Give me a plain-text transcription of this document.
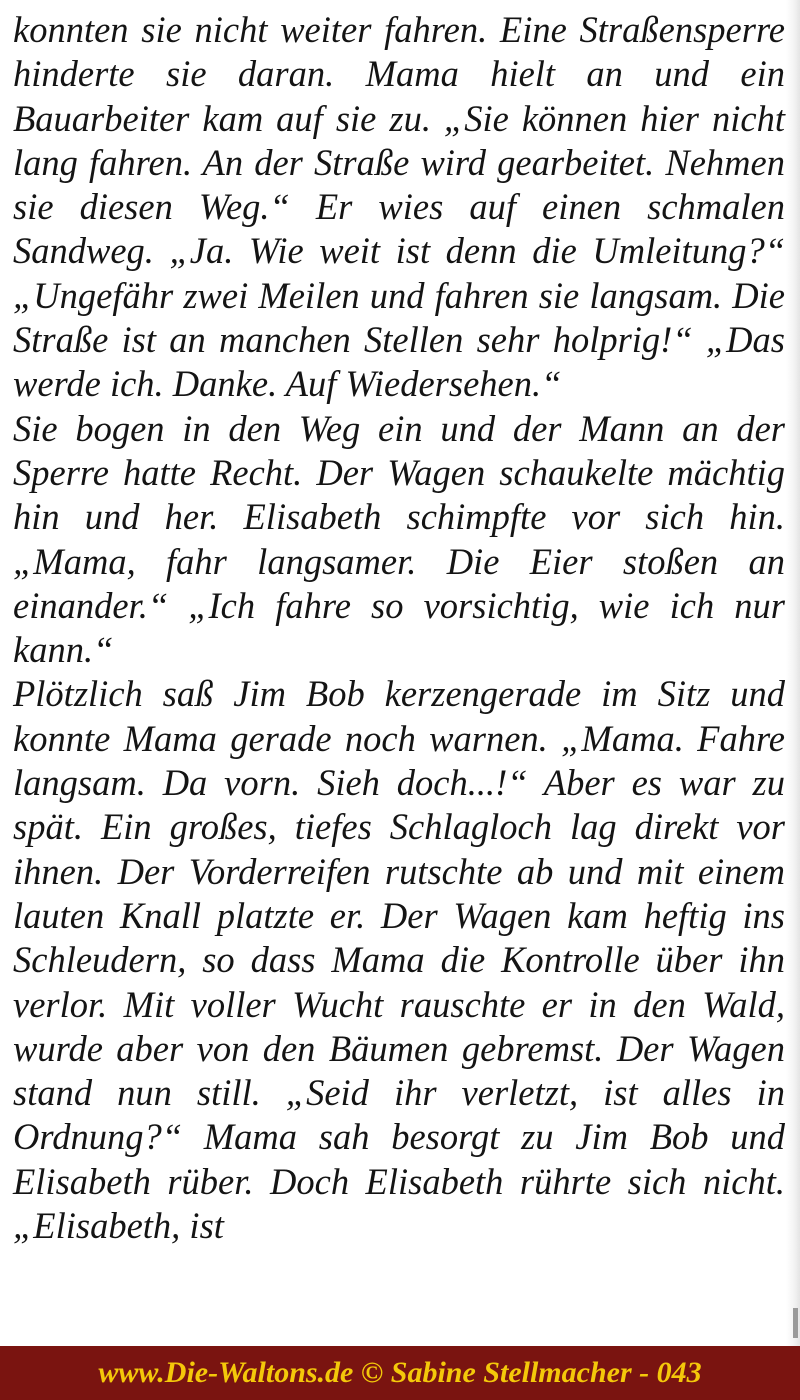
konnten sie nicht weiter fahren. Eine Straßensperre hinderte sie daran. Mama hielt an und ein Bauarbeiter kam auf sie zu. „Sie können hier nicht lang fahren. An der Straße wird gearbeitet. Nehmen sie diesen Weg.“ Er wies auf einen schmalen Sandweg. „Ja. Wie weit ist denn die Umleitung?“ „Ungefähr zwei Meilen und fahren sie langsam. Die Straße ist an manchen Stellen sehr holprig!“ „Das werde ich. Danke. Auf Wiedersehen.“

Sie bogen in den Weg ein und der Mann an der Sperre hatte Recht. Der Wagen schaukelte mächtig hin und her. Elisabeth schimpfte vor sich hin. „Mama, fahr langsamer. Die Eier stoßen an einander.“ „Ich fahre so vorsichtig, wie ich nur kann.“

Plötzlich saß Jim Bob kerzengerade im Sitz und konnte Mama gerade noch warnen. „Mama. Fahre langsam. Da vorn. Sieh doch...!“ Aber es war zu spät. Ein großes, tiefes Schlagloch lag direkt vor ihnen. Der Vorderreifen rutschte ab und mit einem lauten Knall platzte er. Der Wagen kam heftig ins Schleudern, so dass Mama die Kontrolle über ihn verlor. Mit voller Wucht rauschte er in den Wald, wurde aber von den Bäumen gebremst. Der Wagen stand nun still. „Seid ihr verletzt, ist alles in Ordnung?“ Mama sah besorgt zu Jim Bob und Elisabeth rüber. Doch Elisabeth rührte sich nicht. „Elisabeth, ist

www.Die-Waltons.de © Sabine Stellmacher - 043
